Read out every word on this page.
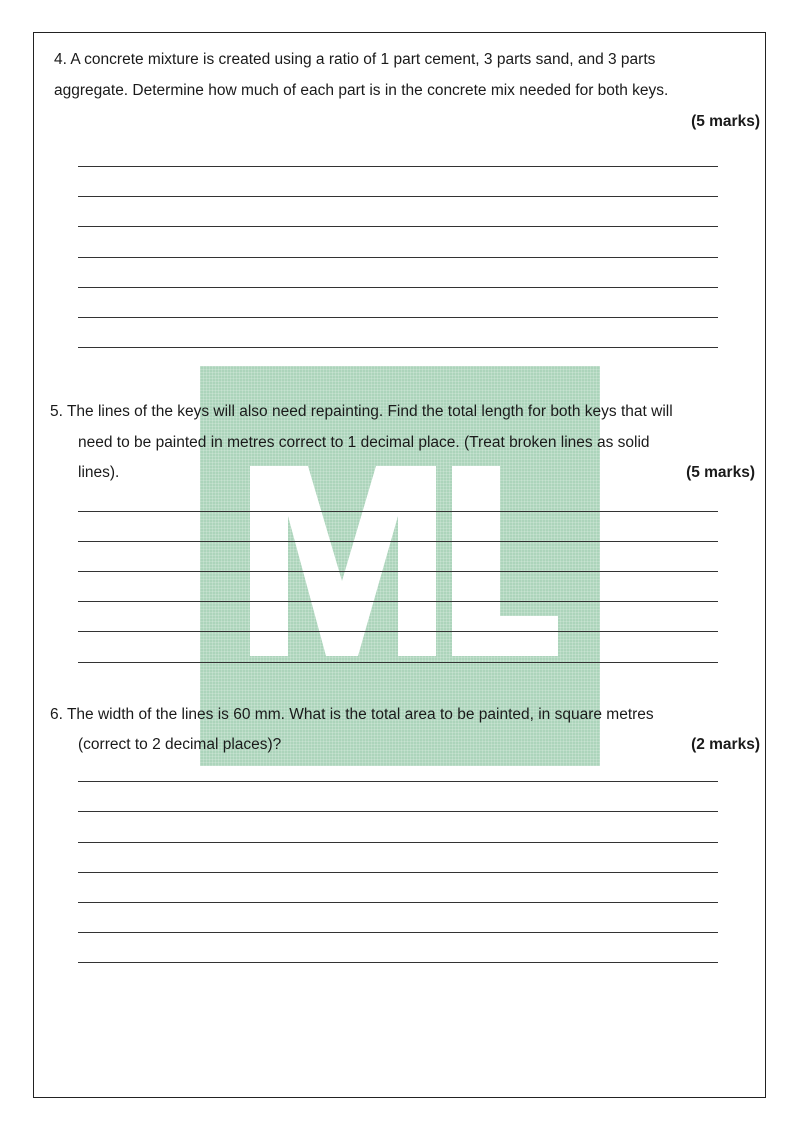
4. A concrete mixture is created using a ratio of 1 part cement, 3 parts sand, and 3 parts
aggregate. Determine how much of each part is in the concrete mix needed for both keys.
(5 marks)
5. The lines of the keys will also need repainting. Find the total length for both keys that will
need to be painted in metres correct to 1 decimal place. (Treat broken lines as solid
lines).	(5 marks)
6. The width of the lines is 60 mm. What is the total area to be painted, in square metres
(correct to 2 decimal places)?	(2 marks)
